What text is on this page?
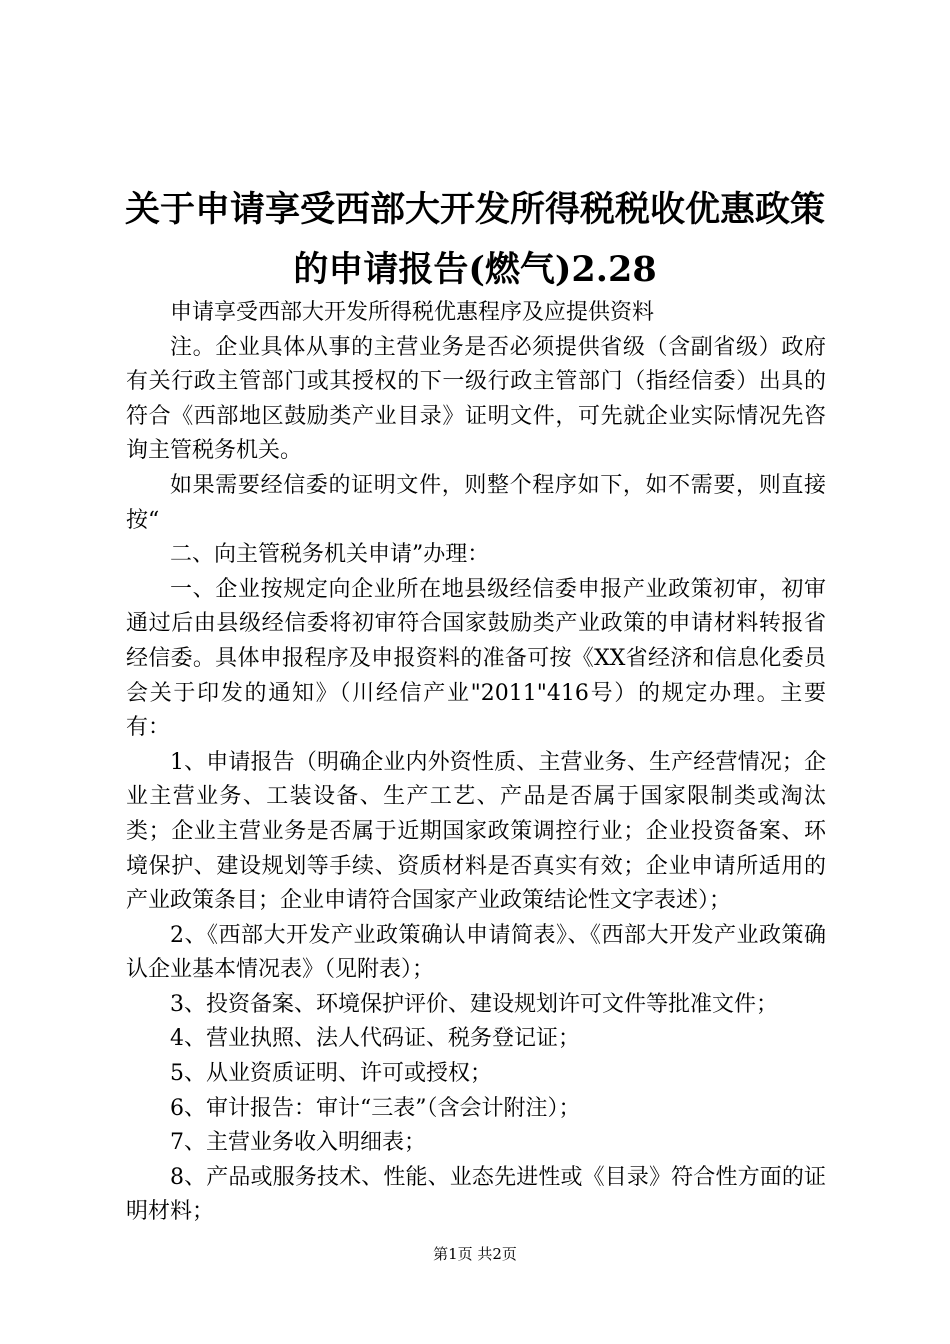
关于申请享受西部大开发所得税税收优惠政策
的申请报告(燃气)2.28

申请享受西部大开发所得税优惠程序及应提供资料

注。企业具体从事的主营业务是否必须提供省级（含副省级）政府有关行政主管部门或其授权的下一级行政主管部门（指经信委）出具的符合《西部地区鼓励类产业目录》证明文件，可先就企业实际情况先咨询主管税务机关。

如果需要经信委的证明文件，则整个程序如下，如不需要，则直接按“

二、向主管税务机关申请”办理：

一、企业按规定向企业所在地县级经信委申报产业政策初审，初审通过后由县级经信委将初审符合国家鼓励类产业政策的申请材料转报省经信委。具体申报程序及申报资料的准备可按《XX省经济和信息化委员会关于印发的通知》（川经信产业"2011"416号）的规定办理。主要有：

1、申请报告（明确企业内外资性质、主营业务、生产经营情况；企业主营业务、工装设备、生产工艺、产品是否属于国家限制类或淘汰类；企业主营业务是否属于近期国家政策调控行业；企业投资备案、环境保护、建设规划等手续、资质材料是否真实有效；企业申请所适用的产业政策条目；企业申请符合国家产业政策结论性文字表述）；

2、《西部大开发产业政策确认申请简表》、《西部大开发产业政策确认企业基本情况表》（见附表）；

3、投资备案、环境保护评价、建设规划许可文件等批准文件；

4、营业执照、法人代码证、税务登记证；

5、从业资质证明、许可或授权；

6、审计报告：审计“三表”（含会计附注）；

7、主营业务收入明细表；

8、产品或服务技术、性能、业态先进性或《目录》符合性方面的证明材料；

第1页 共2页
